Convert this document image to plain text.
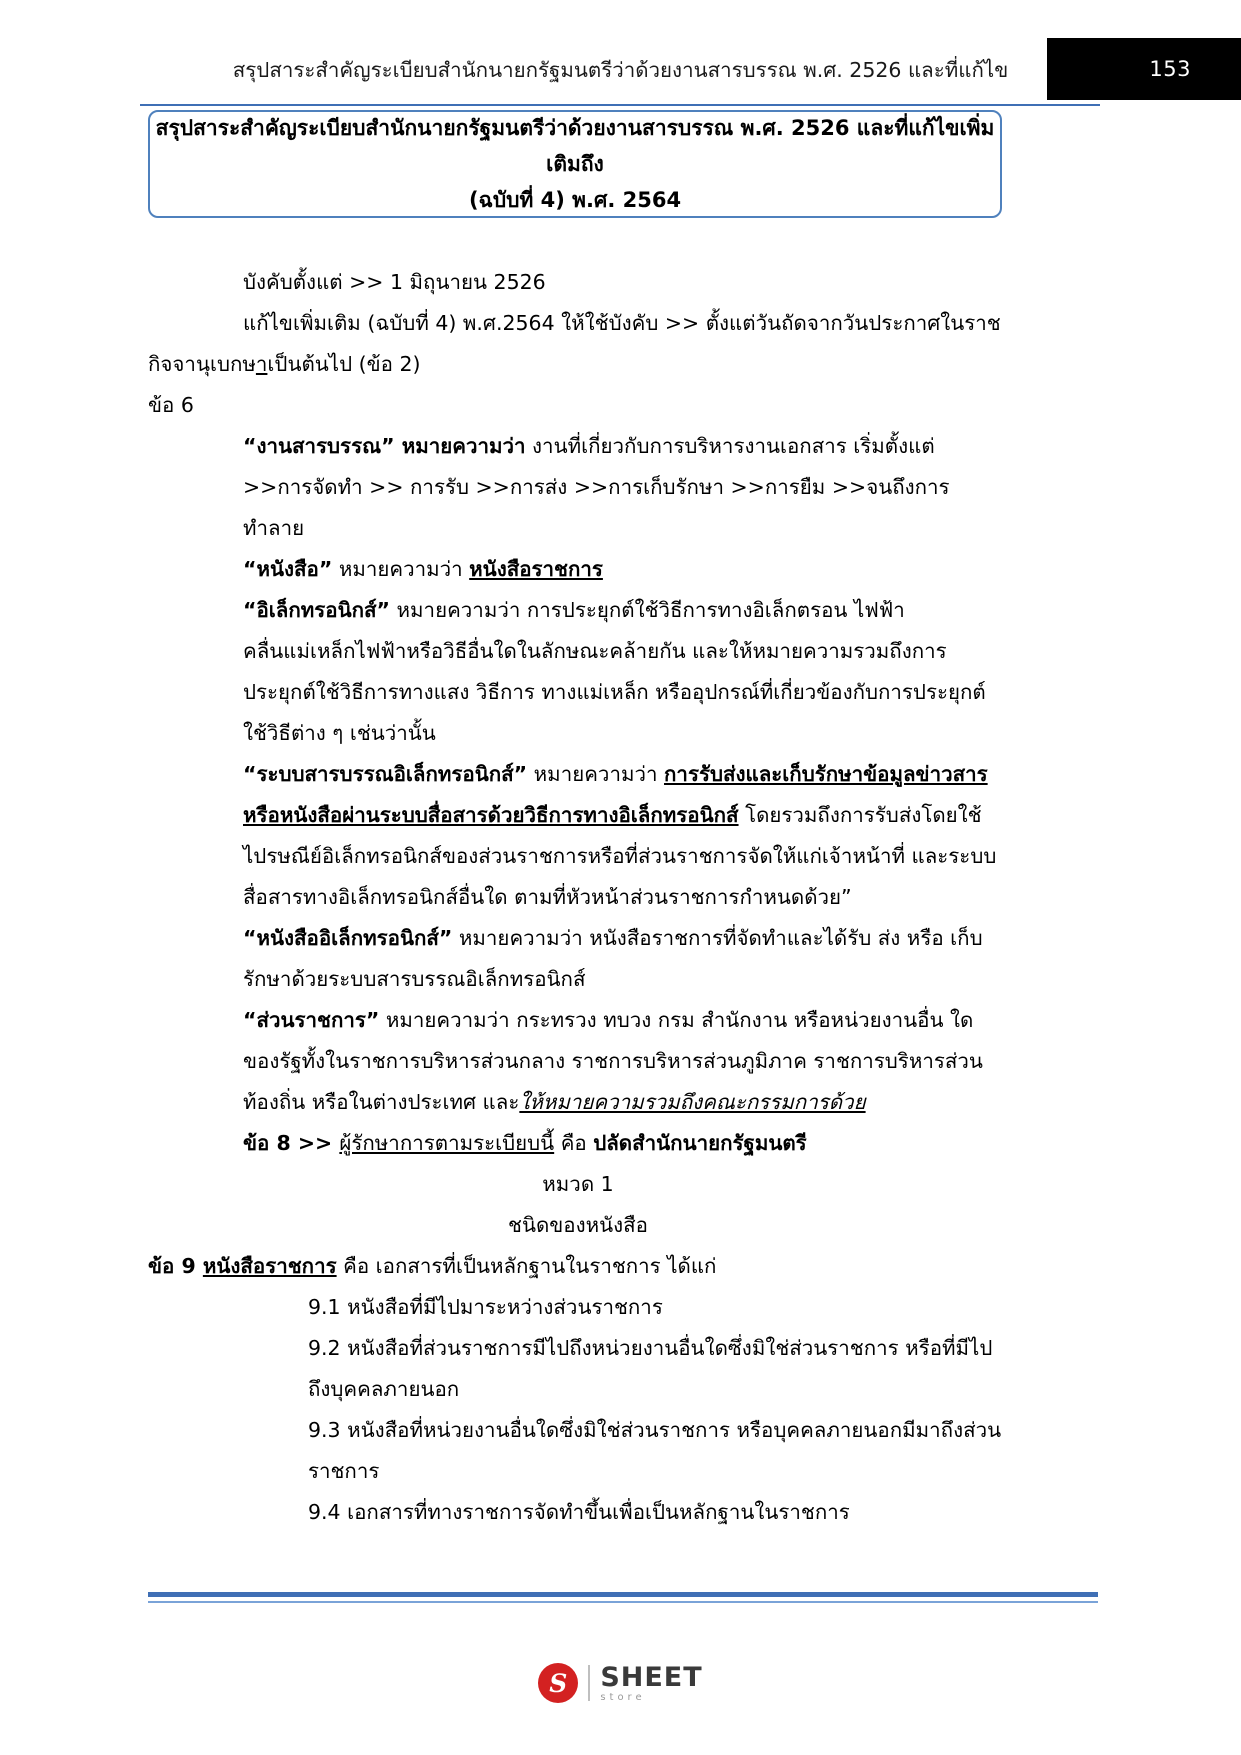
สรุปสาระสำคัญระเบียบสำนักนายกรัฐมนตรีว่าด้วยงานสารบรรณ พ.ศ. 2526 และที่แก้ไข	153
สรุปสาระสำคัญระเบียบสำนักนายกรัฐมนตรีว่าด้วยงานสารบรรณ พ.ศ. 2526 และที่แก้ไขเพิ่มเติมถึง
(ฉบับที่ 4) พ.ศ. 2564

บังคับตั้งแต่ >> 1 มิถุนายน 2526

แก้ไขเพิ่มเติม (ฉบับที่ 4) พ.ศ.2564 ให้ใช้บังคับ >> ตั้งแต่วันถัดจากวันประกาศในราช

กิจจานุเบกษาเป็นต้นไป (ข้อ 2)

ข้อ 6

“งานสารบรรณ” หมายความว่า งานที่เกี่ยวกับการบริหารงานเอกสาร เริ่มตั้งแต่

>>การจัดทำ >> การรับ >>การส่ง >>การเก็บรักษา >>การยืม >>จนถึงการทำลาย

“หนังสือ” หมายความว่า หนังสือราชการ

“อิเล็กทรอนิกส์” หมายความว่า การประยุกต์ใช้วิธีการทางอิเล็กตรอน ไฟฟ้า คลื่นแม่เหล็กไฟฟ้าหรือวิธีอื่นใดในลักษณะคล้ายกัน และให้หมายความรวมถึงการประยุกต์ใช้วิธีการทางแสง วิธีการ ทางแม่เหล็ก หรืออุปกรณ์ที่เกี่ยวข้องกับการประยุกต์ใช้วิธีต่าง ๆ เช่นว่านั้น

“ระบบสารบรรณอิเล็กทรอนิกส์” หมายความว่า การรับส่งและเก็บรักษาข้อมูลข่าวสาร หรือหนังสือผ่านระบบสื่อสารด้วยวิธีการทางอิเล็กทรอนิกส์ โดยรวมถึงการรับส่งโดยใช้ไปรษณีย์อิเล็กทรอนิกส์ของส่วนราชการหรือที่ส่วนราชการจัดให้แก่เจ้าหน้าที่ และระบบสื่อสารทางอิเล็กทรอนิกส์อื่นใด ตามที่หัวหน้าส่วนราชการกำหนดด้วย”

“หนังสืออิเล็กทรอนิกส์” หมายความว่า หนังสือราชการที่จัดทำและได้รับ ส่ง หรือ เก็บรักษาด้วยระบบสารบรรณอิเล็กทรอนิกส์

“ส่วนราชการ” หมายความว่า กระทรวง ทบวง กรม สำนักงาน หรือหน่วยงานอื่น ใดของรัฐทั้งในราชการบริหารส่วนกลาง ราชการบริหารส่วนภูมิภาค ราชการบริหารส่วนท้องถิ่น หรือในต่างประเทศ และให้หมายความรวมถึงคณะกรรมการด้วย

ข้อ 8 >> ผู้รักษาการตามระเบียบนี้ คือ ปลัดสำนักนายกรัฐมนตรี

หมวด 1

ชนิดของหนังสือ

ข้อ 9 หนังสือราชการ คือ เอกสารที่เป็นหลักฐานในราชการ ได้แก่

9.1 หนังสือที่มีไปมาระหว่างส่วนราชการ

9.2 หนังสือที่ส่วนราชการมีไปถึงหน่วยงานอื่นใดซึ่งมิใช่ส่วนราชการ หรือที่มีไปถึงบุคคลภายนอก

9.3 หนังสือที่หน่วยงานอื่นใดซึ่งมิใช่ส่วนราชการ หรือบุคคลภายนอกมีมาถึงส่วนราชการ

9.4 เอกสารที่ทางราชการจัดทำขึ้นเพื่อเป็นหลักฐานในราชการ

S	SHEET
store
